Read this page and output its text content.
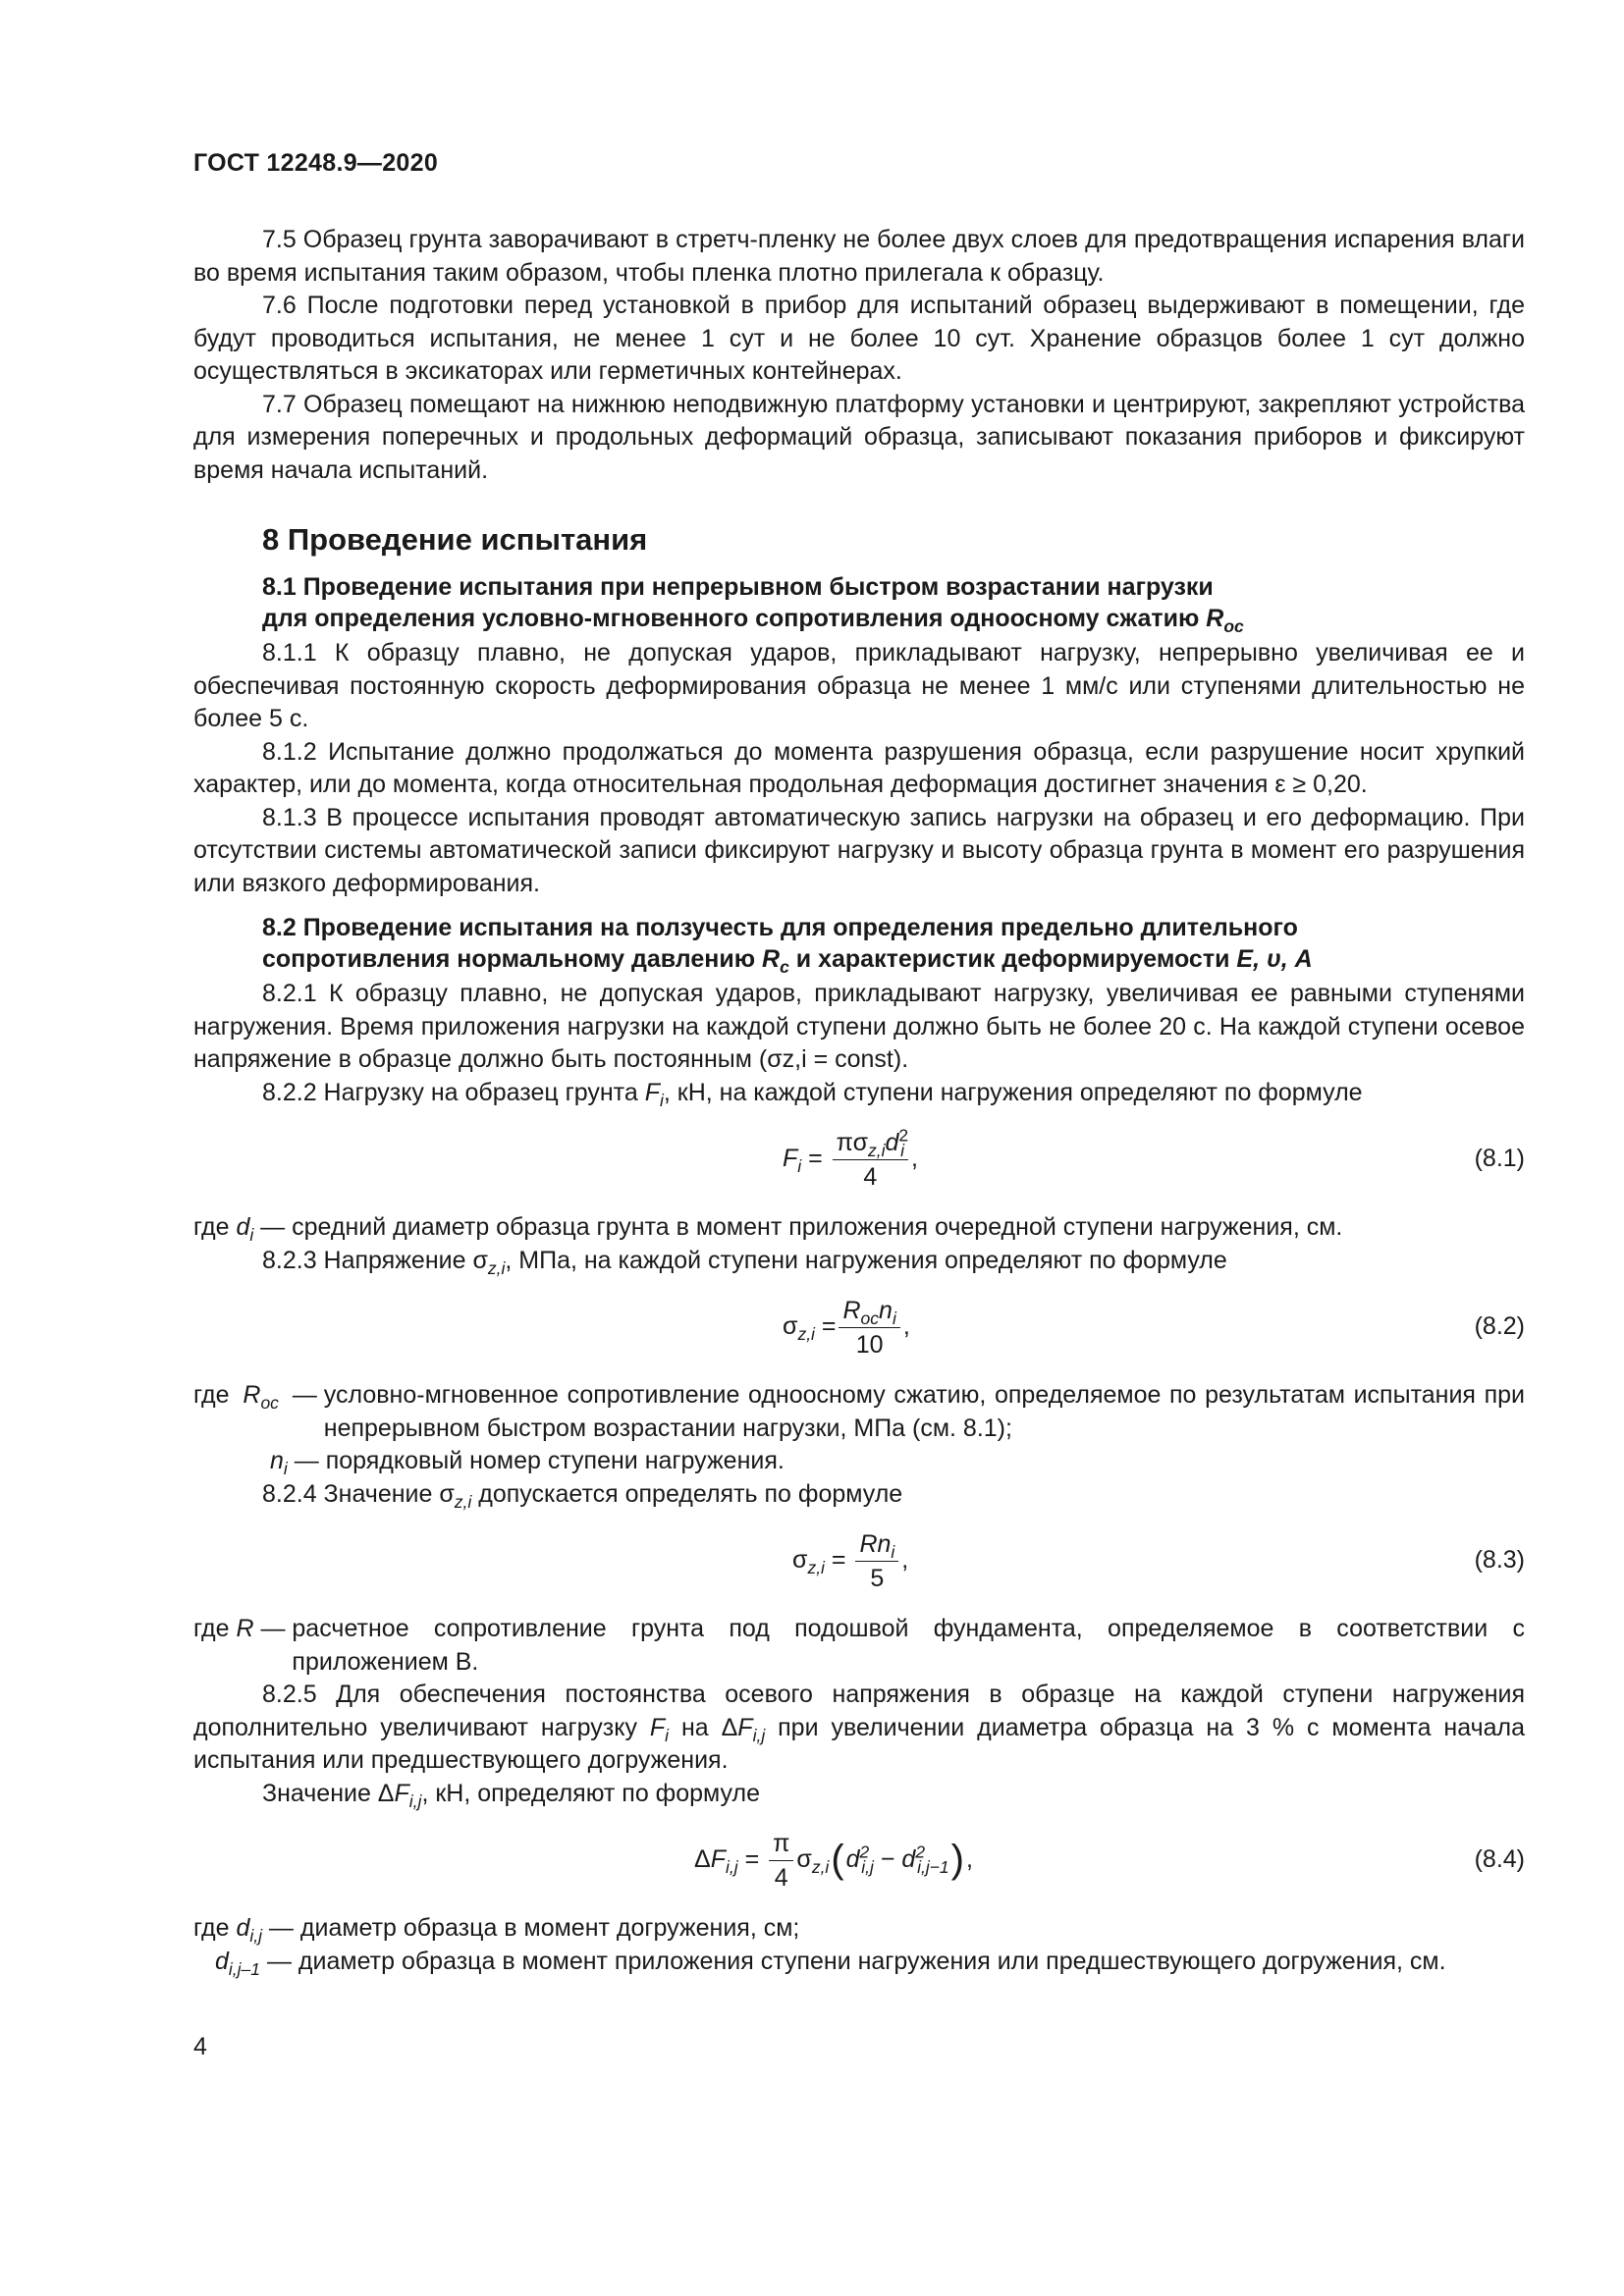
ГОСТ 12248.9—2020

7.5 Образец грунта заворачивают в стретч-пленку не более двух слоев для предотвращения испарения влаги во время испытания таким образом, чтобы пленка плотно прилегала к образцу.

7.6 После подготовки перед установкой в прибор для испытаний образец выдерживают в помещении, где будут проводиться испытания, не менее 1 сут и не более 10 сут. Хранение образцов более 1 сут должно осуществляться в эксикаторах или герметичных контейнерах.

7.7 Образец помещают на нижнюю неподвижную платформу установки и центрируют, закрепляют устройства для измерения поперечных и продольных деформаций образца, записывают показания приборов и фиксируют время начала испытаний.

8 Проведение испытания
8.1 Проведение испытания при непрерывном быстром возрастании нагрузки
для определения условно-мгновенного сопротивления одноосному сжатию $R_{oc}$

8.1.1 К образцу плавно, не допуская ударов, прикладывают нагрузку, непрерывно увеличивая ее и обеспечивая постоянную скорость деформирования образца не менее 1 мм/с или ступенями длительностью не более 5 с.

8.1.2 Испытание должно продолжаться до момента разрушения образца, если разрушение носит хрупкий характер, или до момента, когда относительная продольная деформация достигнет значения ε ≥ 0,20.

8.1.3 В процессе испытания проводят автоматическую запись нагрузки на образец и его деформацию. При отсутствии системы автоматической записи фиксируют нагрузку и высоту образца грунта в момент его разрушения или вязкого деформирования.

8.2 Проведение испытания на ползучесть для определения предельно длительного
сопротивления нормальному давлению $R_c$ и характеристик деформируемости E, υ, A

8.2.1 К образцу плавно, не допуская ударов, прикладывают нагрузку, увеличивая ее равными ступенями нагружения. Время приложения нагрузки на каждой ступени должно быть не более 20 с. На каждой ступени осевое напряжение в образце должно быть постоянным (σz,i = const).

8.2.2 Нагрузку на образец грунта $F_i$, кН, на каждой ступени нагружения определяют по формуле

$F_i = \frac{\pi\sigma_{z,i}d^2_i}{4}$ ,	(8.1)

где $d_i$ — средний диаметр образца грунта в момент приложения очередной ступени нагружения, см.

8.2.3 Напряжение $\sigma_{z,i}$, МПа, на каждой ступени нагружения определяют по формуле

$\sigma_{z,i} = \frac{R_{oc}n_i}{10}$ ,	(8.2)
где  $R_{oc}$  — условно-мгновенное сопротивление одноосному сжатию, определяемое по результатам испытания при непрерывном быстром возрастании нагрузки, МПа (см. 8.1);
$n_i$ — порядковый номер ступени нагружения.

8.2.4 Значение $\sigma_{z,i}$ допускается определять по формуле

$\sigma_{z,i} = \frac{Rn_i}{5}$ ,	(8.3)
где R — расчетное сопротивление грунта под подошвой фундамента, определяемое в соответствии с приложением В.

8.2.5 Для обеспечения постоянства осевого напряжения в образце на каждой ступени нагружения дополнительно увеличивают нагрузку $F_i$ на $\Delta F_{i,j}$ при увеличении диаметра образца на 3 % с момента начала испытания или предшествующего догружения.

Значение $\Delta F_{i,j}$, кН, определяют по формуле

$\Delta F_{i,j} = \frac{\pi}{4} \sigma_{z,i}$ ( $d^2_{i,j} - d^2_{i,j-1}$ ) ,	(8.4)
где $d_{i,j}$ — диаметр образца в момент догружения, см;
$d_{i,j-1}$ — диаметр образца в момент приложения ступени нагружения или предшествующего догружения, см.
4
